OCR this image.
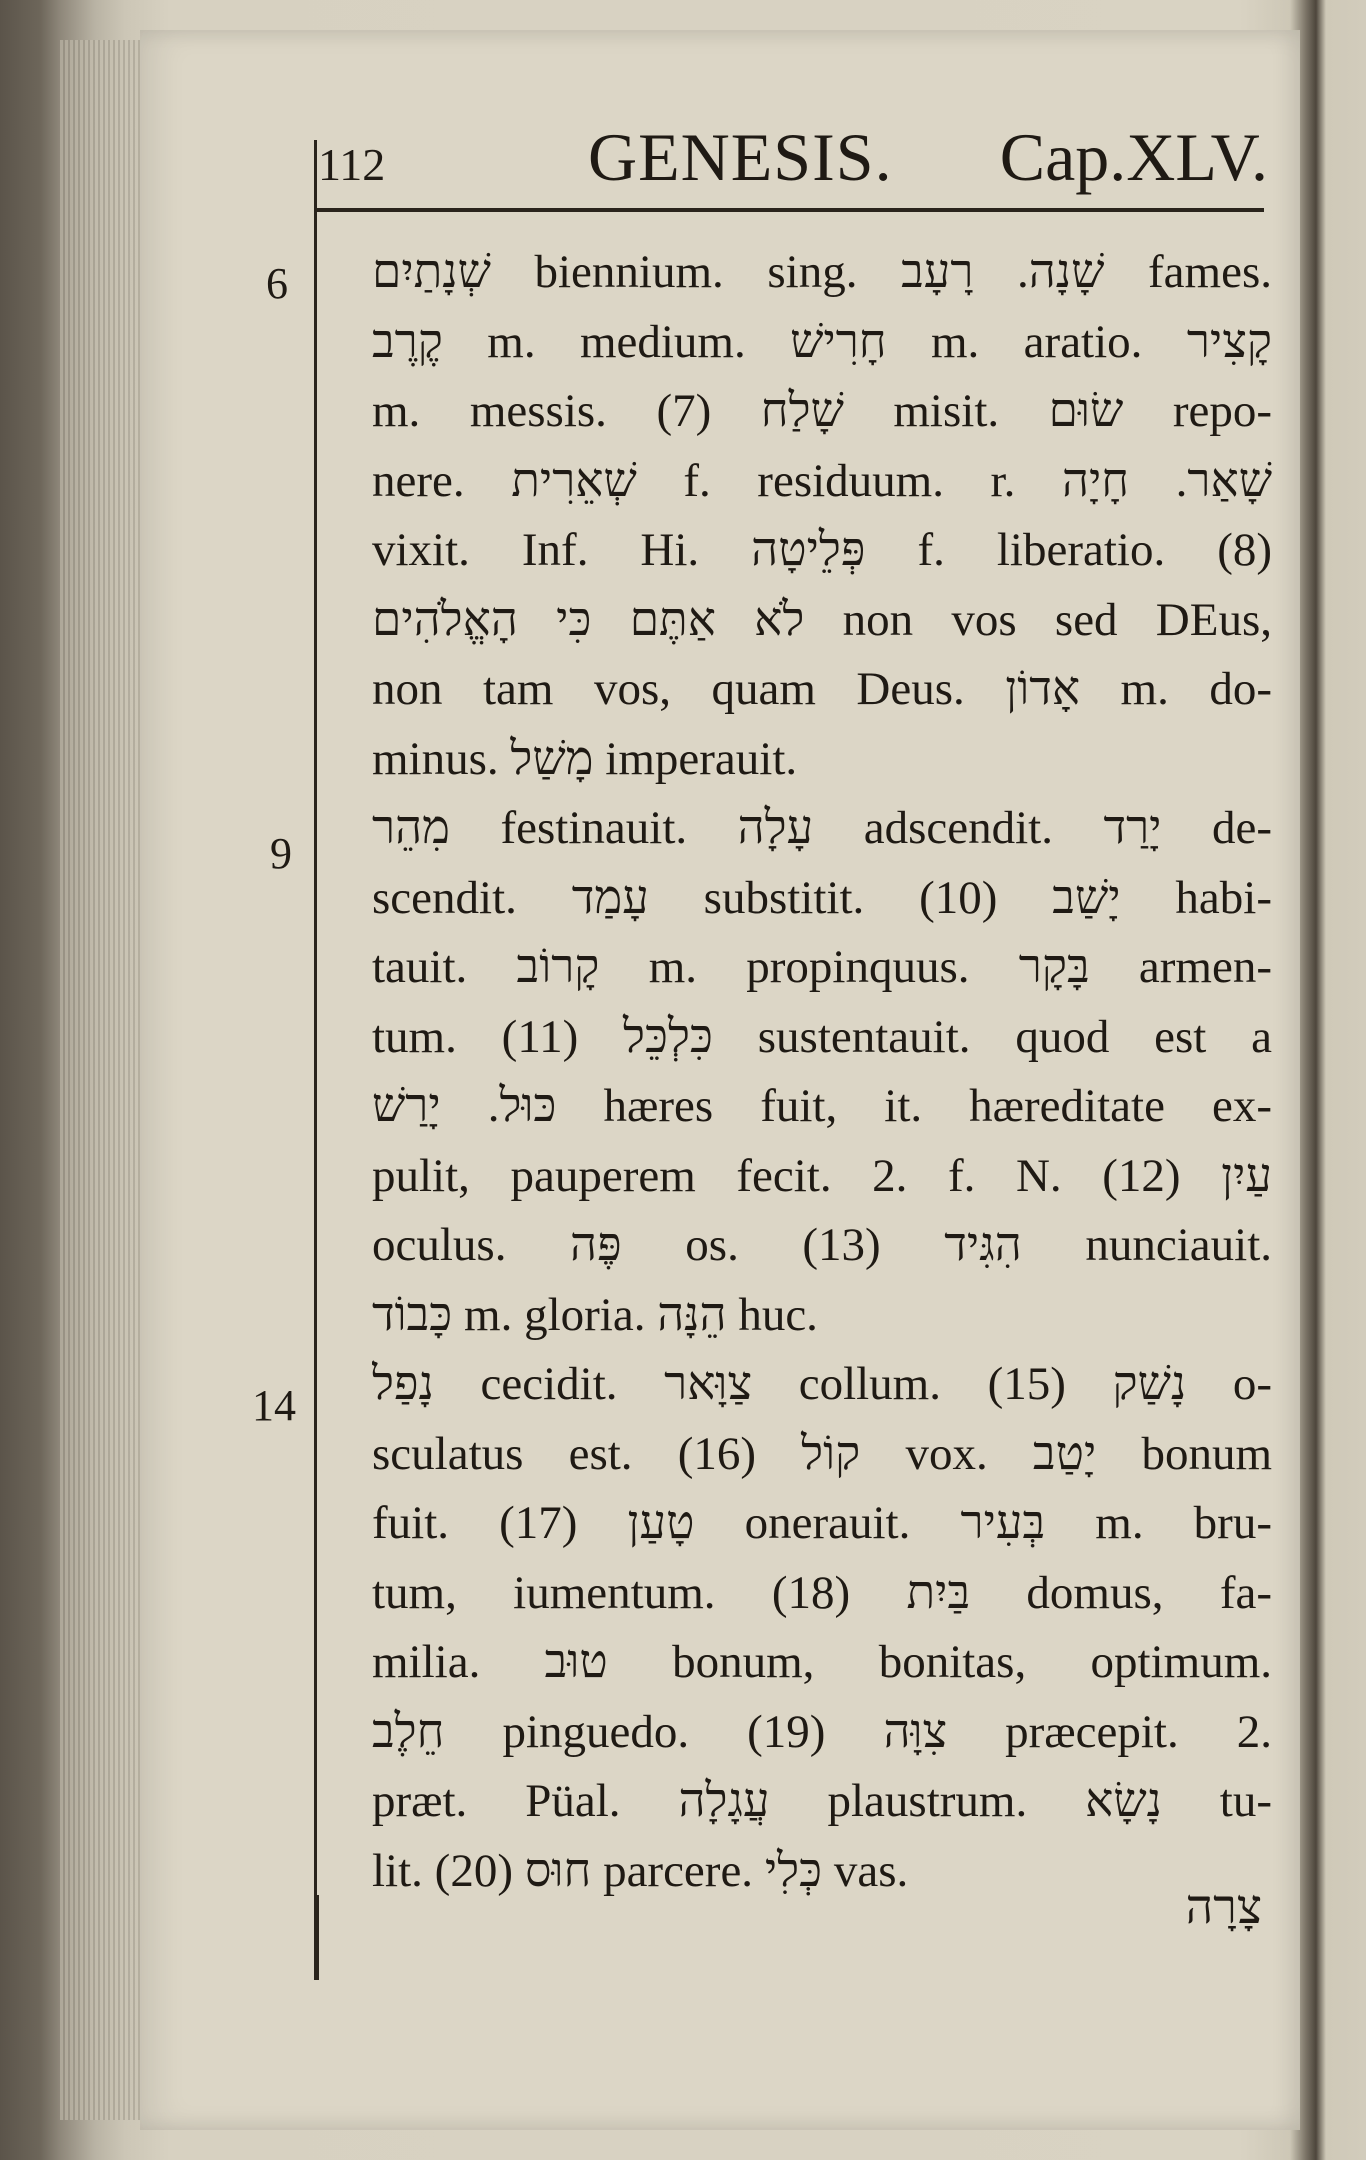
112	GENESIS. Cap.XLV.
6
9
14
שְׁנָתַיִם biennium. sing. שָׁנָה. רָעָב fames.
קֶרֶב m. medium. חָרִישׁ m. aratio. קָצִיר
m. messis. (7) שָׁלַח misit. שׂוּם repo-
nere. שְׁאֵרִית f. residuum. r. שָׁאַר. חָיָה
vixit. Inf. Hi. פְּלֵיטָה f. liberatio. (8)
לֹא אַתֶּם כִּי הָאֱלֹהִים non vos sed DEus,
non tam vos, quam Deus. אָדוֹן m. do-
minus. מָשַׁל imperauit.
מִהֵר festinauit. עָלָה adscendit. יָרַד de-
scendit. עָמַד substitit. (10) יָשַׁב habi-
tauit. קָרוֹב m. propinquus. בָּקָר armen-
tum. (11) כִּלְכֵּל sustentauit. quod est a
כּוּל. יָרַשׁ hæres fuit, it. hæreditate ex-
pulit, pauperem fecit. 2. f. N. (12) עַיִן
oculus. פֶּה os. (13) הִגִּיד nunciauit.
כָּבוֹד m. gloria. הֵנָּה huc.
נָפַל cecidit. צַוָּאר collum. (15) נָשַׁק o-
sculatus est. (16) קוֹל vox. יָטַב bonum
fuit. (17) טָעַן onerauit. בְּעִיר m. bru-
tum, iumentum. (18) בַּיִת domus, fa-
milia. טוּב bonum, bonitas, optimum.
חֵלֶב pinguedo. (19) צִוָּה præcepit. 2.
præt. Püal. עֲגָלָה plaustrum. נָשָׂא tu-
lit. (20) חוּס parcere. כְּלִי vas.
צָרָה
